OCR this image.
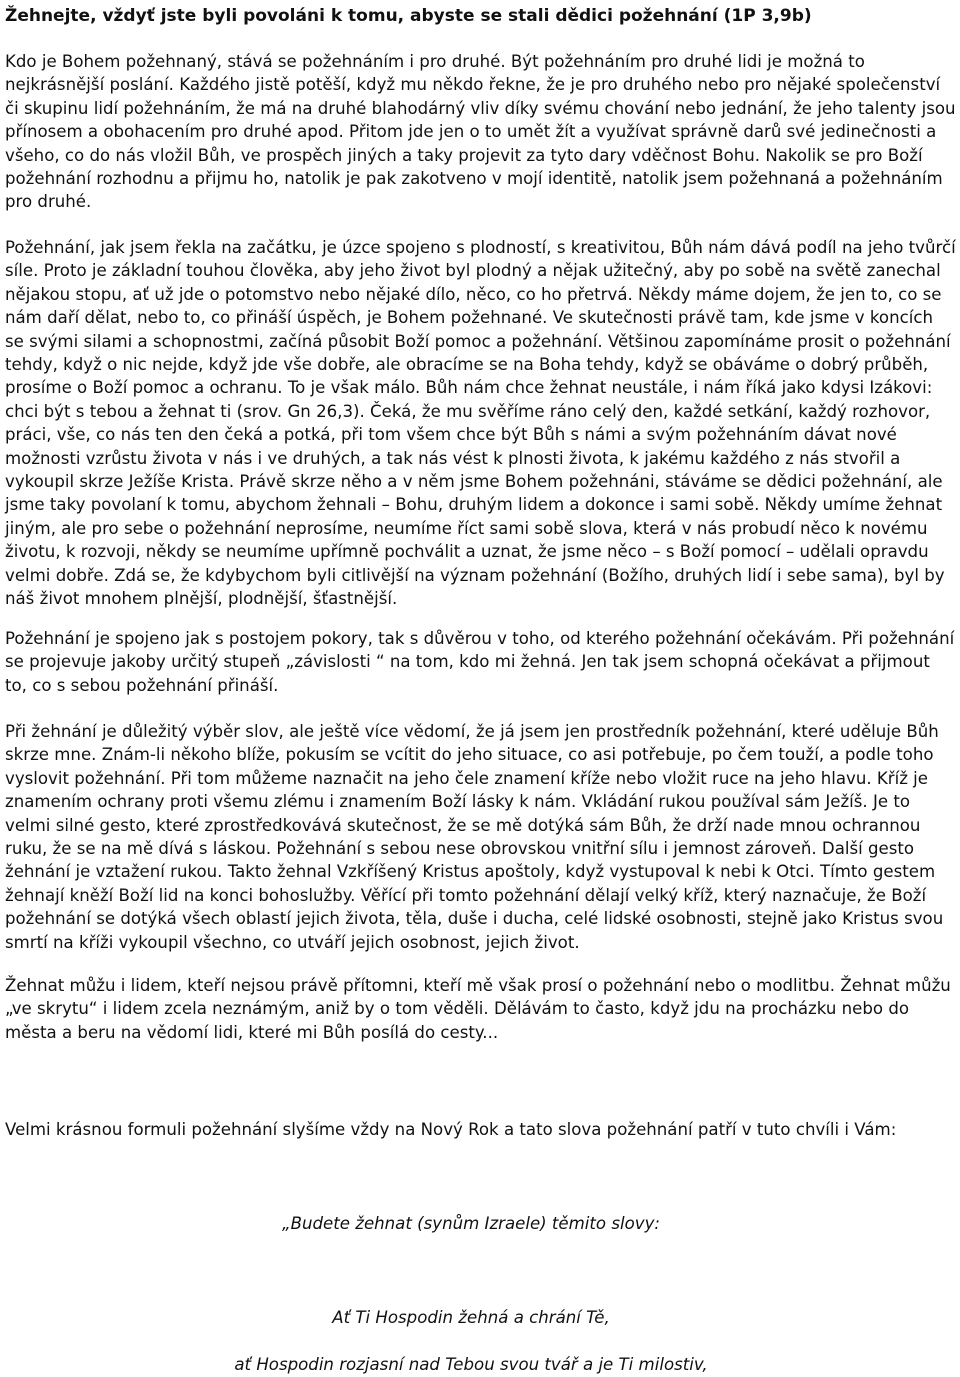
Žehnejte, vždyť jste byli povoláni k tomu, abyste se stali dědici požehnání (1P 3,9b)

Kdo je Bohem požehnaný, stává se požehnáním i pro druhé. Být požehnáním pro druhé lidi je možná to nejkrásnější poslání. Každého jistě potěší, když mu někdo řekne, že je pro druhého nebo pro nějaké společenství či skupinu lidí požehnáním, že má na druhé blahodárný vliv díky svému chování nebo jednání, že jeho talenty jsou přínosem a obohacením pro druhé apod. Přitom jde jen o to umět žít a využívat správně darů své jedinečnosti a všeho, co do nás vložil Bůh, ve prospěch jiných a taky projevit za tyto dary vděčnost Bohu. Nakolik se pro Boží požehnání rozhodnu a přijmu ho, natolik je pak zakotveno v mojí identitě, natolik jsem požehnaná a požehnáním pro druhé.

Požehnání, jak jsem řekla na začátku, je úzce spojeno s plodností, s kreativitou, Bůh nám dává podíl na jeho tvůrčí síle. Proto je základní touhou člověka, aby jeho život byl plodný a nějak užitečný, aby po sobě na světě zanechal nějakou stopu, ať už jde o potomstvo nebo nějaké dílo, něco, co ho přetrvá. Někdy máme dojem, že jen to, co se nám daří dělat, nebo to, co přináší úspěch, je Bohem požehnané. Ve skutečnosti právě tam, kde jsme v koncích se svými silami a schopnostmi, začíná působit Boží pomoc a požehnání. Většinou zapomínáme prosit o požehnání tehdy, když o nic nejde, když jde vše dobře, ale obracíme se na Boha tehdy, když se obáváme o dobrý průběh, prosíme o Boží pomoc a ochranu. To je však málo. Bůh nám chce žehnat neustále, i nám říká jako kdysi Izákovi: chci být s tebou a žehnat ti (srov. Gn 26,3). Čeká, že mu svěříme ráno celý den, každé setkání, každý rozhovor, práci, vše, co nás ten den čeká a potká, při tom všem chce být Bůh s námi a svým požehnáním dávat nové možnosti vzrůstu života v nás i ve druhých, a tak nás vést k plnosti života, k jakému každého z nás stvořil a vykoupil skrze Ježíše Krista. Právě skrze něho a v něm jsme Bohem požehnáni, stáváme se dědici požehnání, ale jsme taky povolaní k tomu, abychom žehnali – Bohu, druhým lidem a dokonce i sami sobě. Někdy umíme žehnat jiným, ale pro sebe o požehnání neprosíme, neumíme říct sami sobě slova, která v nás probudí něco k novému životu, k rozvoji, někdy se neumíme upřímně pochválit a uznat, že jsme něco – s Boží pomocí – udělali opravdu velmi dobře. Zdá se, že kdybychom byli citlivější na význam požehnání (Božího, druhých lidí i sebe sama), byl by náš život mnohem plnější, plodnější, šťastnější.

Požehnání je spojeno jak s postojem pokory, tak s důvěrou v toho, od kterého požehnání očekávám. Při požehnání se projevuje jakoby určitý stupeň „závislosti “ na tom, kdo mi žehná. Jen tak jsem schopná očekávat a přijmout to, co s sebou požehnání přináší.

Při žehnání je důležitý výběr slov, ale ještě více vědomí, že já jsem jen prostředník požehnání, které uděluje Bůh skrze mne. Znám-li někoho blíže, pokusím se vcítit do jeho situace, co asi potřebuje, po čem touží, a podle toho vyslovit požehnání. Při tom můžeme naznačit na jeho čele znamení kříže nebo vložit ruce na jeho hlavu. Kříž je znamením ochrany proti všemu zlému i znamením Boží lásky k nám. Vkládání rukou používal sám Ježíš. Je to velmi silné gesto, které zprostředkovává skutečnost, že se mě dotýká sám Bůh, že drží nade mnou ochrannou ruku, že se na mě dívá s láskou. Požehnání s sebou nese obrovskou vnitřní sílu i jemnost zároveň. Další gesto žehnání je vztažení rukou. Takto žehnal Vzkříšený Kristus apoštoly, když vystupoval k nebi k Otci. Tímto gestem žehnají kněží Boží lid na konci bohoslužby. Věřící při tomto požehnání dělají velký kříž, který naznačuje, že Boží požehnání se dotýká všech oblastí jejich života, těla, duše i ducha, celé lidské osobnosti, stejně jako Kristus svou smrtí na kříži vykoupil všechno, co utváří jejich osobnost, jejich život.

Žehnat můžu i lidem, kteří nejsou právě přítomni, kteří mě však prosí o požehnání nebo o modlitbu. Žehnat můžu „ve skrytu“ i lidem zcela neznámým, aniž by o tom věděli. Dělávám to často, když jdu na procházku nebo do města a beru na vědomí lidi, které mi Bůh posílá do cesty...

Velmi krásnou formuli požehnání slyšíme vždy na Nový Rok a tato slova požehnání patří v tuto chvíli i Vám:
„Budete žehnat (synům Izraele) těmito slovy:
Ať Ti Hospodin žehná a chrání Tě,
ať Hospodin rozjasní nad Tebou svou tvář a je Ti milostiv,
